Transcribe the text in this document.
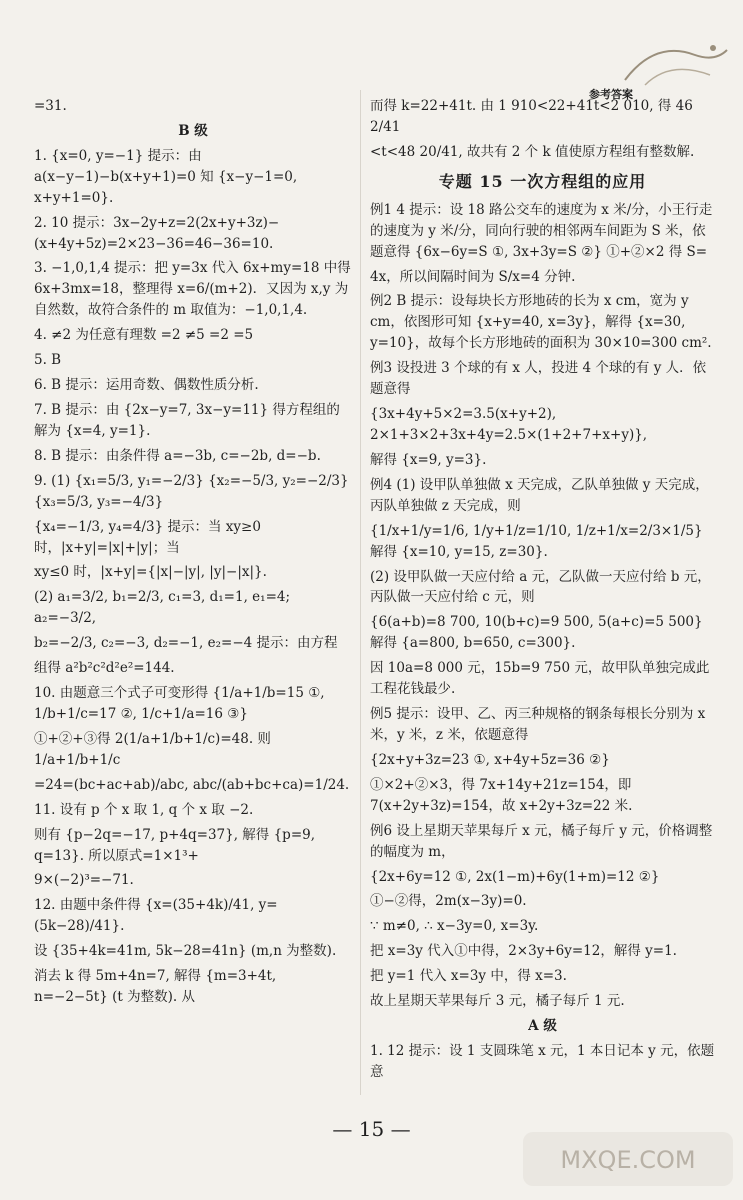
参考答案
=31.
B 级
1. {x=0, y=−1} 提示：由 a(x−y−1)−b(x+y+1)=0 知 {x−y−1=0, x+y+1=0}.
2. 10 提示：3x−2y+z=2(2x+y+3z)−(x+4y+5z)=2×23−36=46−36=10.
3. −1,0,1,4 提示：把 y=3x 代入 6x+my=18 中得 6x+3mx=18，整理得 x=6/(m+2)．又因为 x,y 为自然数，故符合条件的 m 取值为：−1,0,1,4.
4. ≠2 为任意有理数 =2 ≠5 =2 =5
5. B
6. B 提示：运用奇数、偶数性质分析.
7. B 提示：由 {2x−y=7, 3x−y=11} 得方程组的解为 {x=4, y=1}.
8. B 提示：由条件得 a=−3b, c=−2b, d=−b.
9. (1) {x₁=5/3, y₁=−2/3} {x₂=−5/3, y₂=−2/3} {x₃=5/3, y₃=−4/3}
{x₄=−1/3, y₄=4/3} 提示：当 xy≥0 时，|x+y|=|x|+|y|；当
xy≤0 时，|x+y|={|x|−|y|, |y|−|x|}.
(2) a₁=3/2, b₁=2/3, c₁=3, d₁=1, e₁=4; a₂=−3/2,
b₂=−2/3, c₂=−3, d₂=−1, e₂=−4 提示：由方程
组得 a²b²c²d²e²=144.
10. 由题意三个式子可变形得 {1/a+1/b=15 ①, 1/b+1/c=17 ②, 1/c+1/a=16 ③}
①+②+③得 2(1/a+1/b+1/c)=48. 则 1/a+1/b+1/c
=24=(bc+ac+ab)/abc, abc/(ab+bc+ca)=1/24.
11. 设有 p 个 x 取 1, q 个 x 取 −2.
则有 {p−2q=−17, p+4q=37}, 解得 {p=9, q=13}. 所以原式=1×1³+
9×(−2)³=−71.
12. 由题中条件得 {x=(35+4k)/41, y=(5k−28)/41}.
设 {35+4k=41m, 5k−28=41n} (m,n 为整数).
消去 k 得 5m+4n=7, 解得 {m=3+4t, n=−2−5t} (t 为整数). 从
而得 k=22+41t. 由 1 910<22+41t<2 010, 得 46 2/41
<t<48 20/41, 故共有 2 个 k 值使原方程组有整数解.
专题 15 一次方程组的应用
例1 4 提示：设 18 路公交车的速度为 x 米/分，小王行走的速度为 y 米/分，同向行驶的相邻两车间距为 S 米，依题意得 {6x−6y=S ①, 3x+3y=S ②} ①+②×2 得 S=
4x，所以间隔时间为 S/x=4 分钟.
例2 B 提示：设每块长方形地砖的长为 x cm，宽为 y cm，依图形可知 {x+y=40, x=3y}，解得 {x=30, y=10}，故每个长方形地砖的面积为 30×10=300 cm².
例3 设投进 3 个球的有 x 人，投进 4 个球的有 y 人．依题意得
{3x+4y+5×2=3.5(x+y+2), 2×1+3×2+3x+4y=2.5×(1+2+7+x+y)},
解得 {x=9, y=3}.
例4 (1) 设甲队单独做 x 天完成，乙队单独做 y 天完成，丙队单独做 z 天完成，则
{1/x+1/y=1/6, 1/y+1/z=1/10, 1/z+1/x=2/3×1/5} 解得 {x=10, y=15, z=30}.
(2) 设甲队做一天应付给 a 元，乙队做一天应付给 b 元，丙队做一天应付给 c 元，则
{6(a+b)=8 700, 10(b+c)=9 500, 5(a+c)=5 500} 解得 {a=800, b=650, c=300}.
因 10a=8 000 元，15b=9 750 元，故甲队单独完成此工程花钱最少.
例5 提示：设甲、乙、丙三种规格的钢条每根长分别为 x 米，y 米，z 米，依题意得
{2x+y+3z=23 ①, x+4y+5z=36 ②}
①×2+②×3，得 7x+14y+21z=154，即 7(x+2y+3z)=154，故 x+2y+3z=22 米.
例6 设上星期天苹果每斤 x 元，橘子每斤 y 元，价格调整的幅度为 m，
{2x+6y=12 ①, 2x(1−m)+6y(1+m)=12 ②}
①−②得，2m(x−3y)=0.
∵ m≠0, ∴ x−3y=0, x=3y.
把 x=3y 代入①中得，2×3y+6y=12，解得 y=1.
把 y=1 代入 x=3y 中，得 x=3.
故上星期天苹果每斤 3 元，橘子每斤 1 元.
A 级
1. 12 提示：设 1 支圆珠笔 x 元，1 本日记本 y 元，依题意
— 15 —
MXQE.COM
